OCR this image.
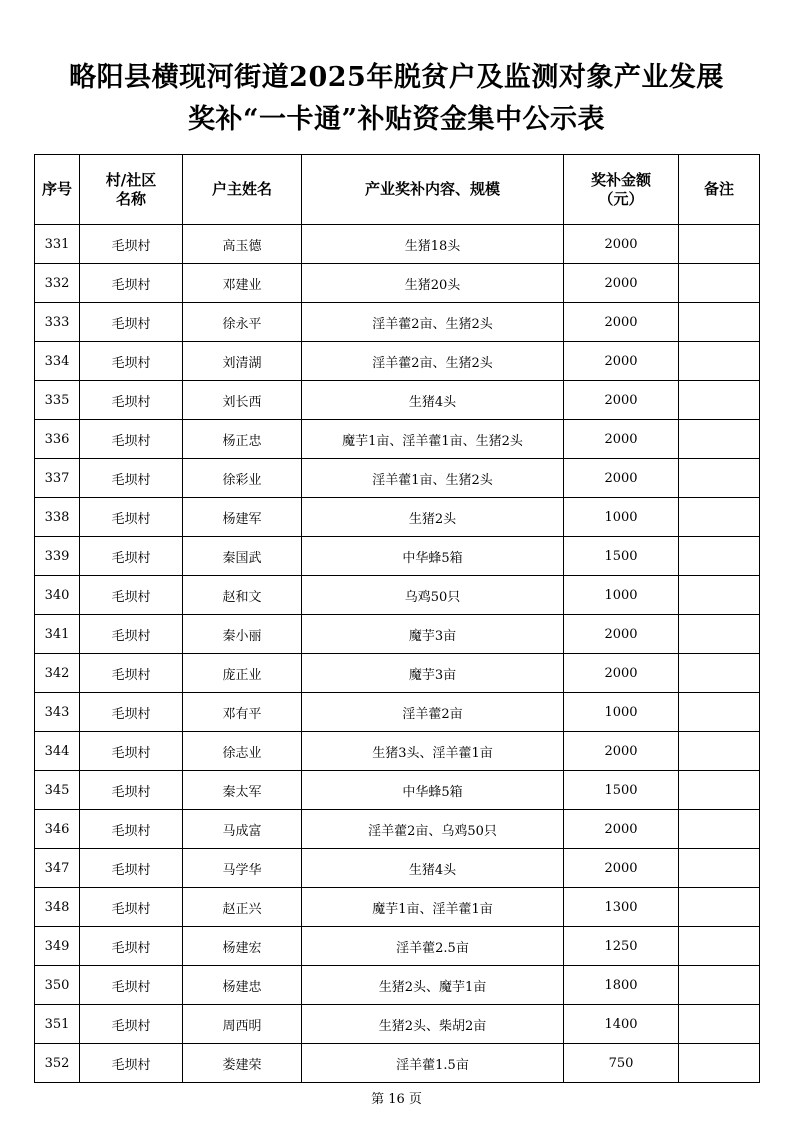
略阳县横现河街道2025年脱贫户及监测对象产业发展
奖补“一卡通”补贴资金集中公示表
序号	村/社区名称	户主姓名	产业奖补内容、规模	奖补金额（元）	备注
331	毛坝村	高玉德	生猪18头	2000	
332	毛坝村	邓建业	生猪20头	2000	
333	毛坝村	徐永平	淫羊藿2亩、生猪2头	2000	
334	毛坝村	刘清湖	淫羊藿2亩、生猪2头	2000	
335	毛坝村	刘长西	生猪4头	2000	
336	毛坝村	杨正忠	魔芋1亩、淫羊藿1亩、生猪2头	2000	
337	毛坝村	徐彩业	淫羊藿1亩、生猪2头	2000	
338	毛坝村	杨建军	生猪2头	1000	
339	毛坝村	秦国武	中华蜂5箱	1500	
340	毛坝村	赵和文	乌鸡50只	1000	
341	毛坝村	秦小丽	魔芋3亩	2000	
342	毛坝村	庞正业	魔芋3亩	2000	
343	毛坝村	邓有平	淫羊藿2亩	1000	
344	毛坝村	徐志业	生猪3头、淫羊藿1亩	2000	
345	毛坝村	秦太军	中华蜂5箱	1500	
346	毛坝村	马成富	淫羊藿2亩、乌鸡50只	2000	
347	毛坝村	马学华	生猪4头	2000	
348	毛坝村	赵正兴	魔芋1亩、淫羊藿1亩	1300	
349	毛坝村	杨建宏	淫羊藿2.5亩	1250	
350	毛坝村	杨建忠	生猪2头、魔芋1亩	1800	
351	毛坝村	周西明	生猪2头、柴胡2亩	1400	
352	毛坝村	娄建荣	淫羊藿1.5亩	750	
第 16 页
